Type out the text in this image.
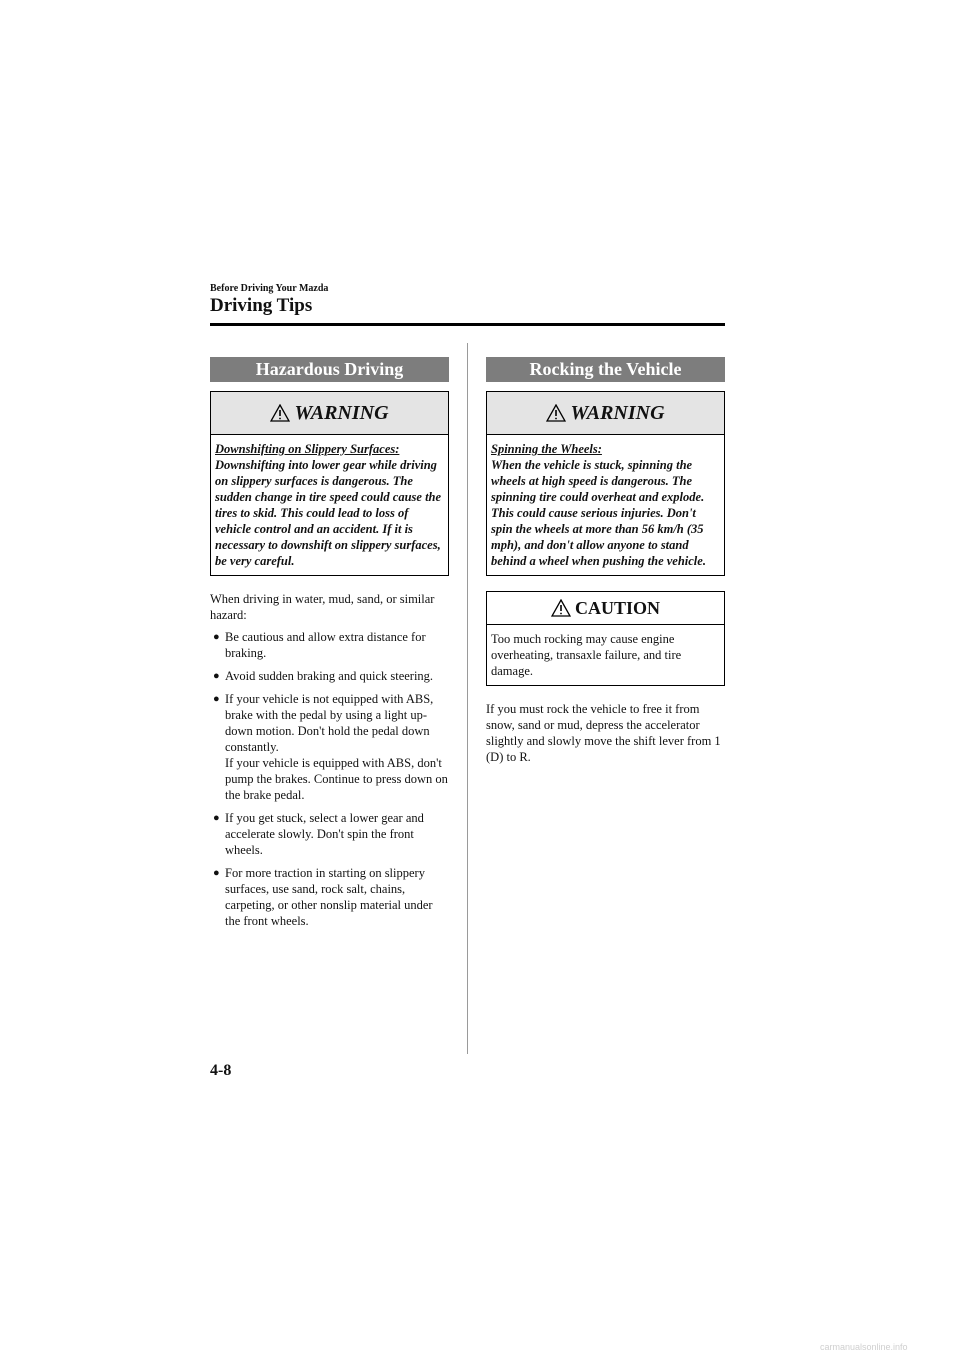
Before Driving Your Mazda
Driving Tips
Hazardous Driving
WARNING
Downshifting on Slippery Surfaces:
Downshifting into lower gear while driving on slippery surfaces is dangerous. The sudden change in tire speed could cause the tires to skid. This could lead to loss of vehicle control and an accident. If it is necessary to downshift on slippery surfaces, be very careful.
When driving in water, mud, sand, or similar hazard:
● Be cautious and allow extra distance for braking.
● Avoid sudden braking and quick steering.
● If your vehicle is not equipped with ABS, brake with the pedal by using a light up-down motion. Don't hold the pedal down constantly.
If your vehicle is equipped with ABS, don't pump the brakes. Continue to press down on the brake pedal.
● If you get stuck, select a lower gear and accelerate slowly. Don't spin the front wheels.
● For more traction in starting on slippery surfaces, use sand, rock salt, chains, carpeting, or other nonslip material under the front wheels.
Rocking the Vehicle
WARNING
Spinning the Wheels:
When the vehicle is stuck, spinning the wheels at high speed is dangerous. The spinning tire could overheat and explode. This could cause serious injuries. Don't spin the wheels at more than 56 km/h (35 mph), and don't allow anyone to stand behind a wheel when pushing the vehicle.
CAUTION
Too much rocking may cause engine overheating, transaxle failure, and tire damage.
If you must rock the vehicle to free it from snow, sand or mud, depress the accelerator slightly and slowly move the shift lever from 1 (D) to R.
4-8
carmanualsonline.info
